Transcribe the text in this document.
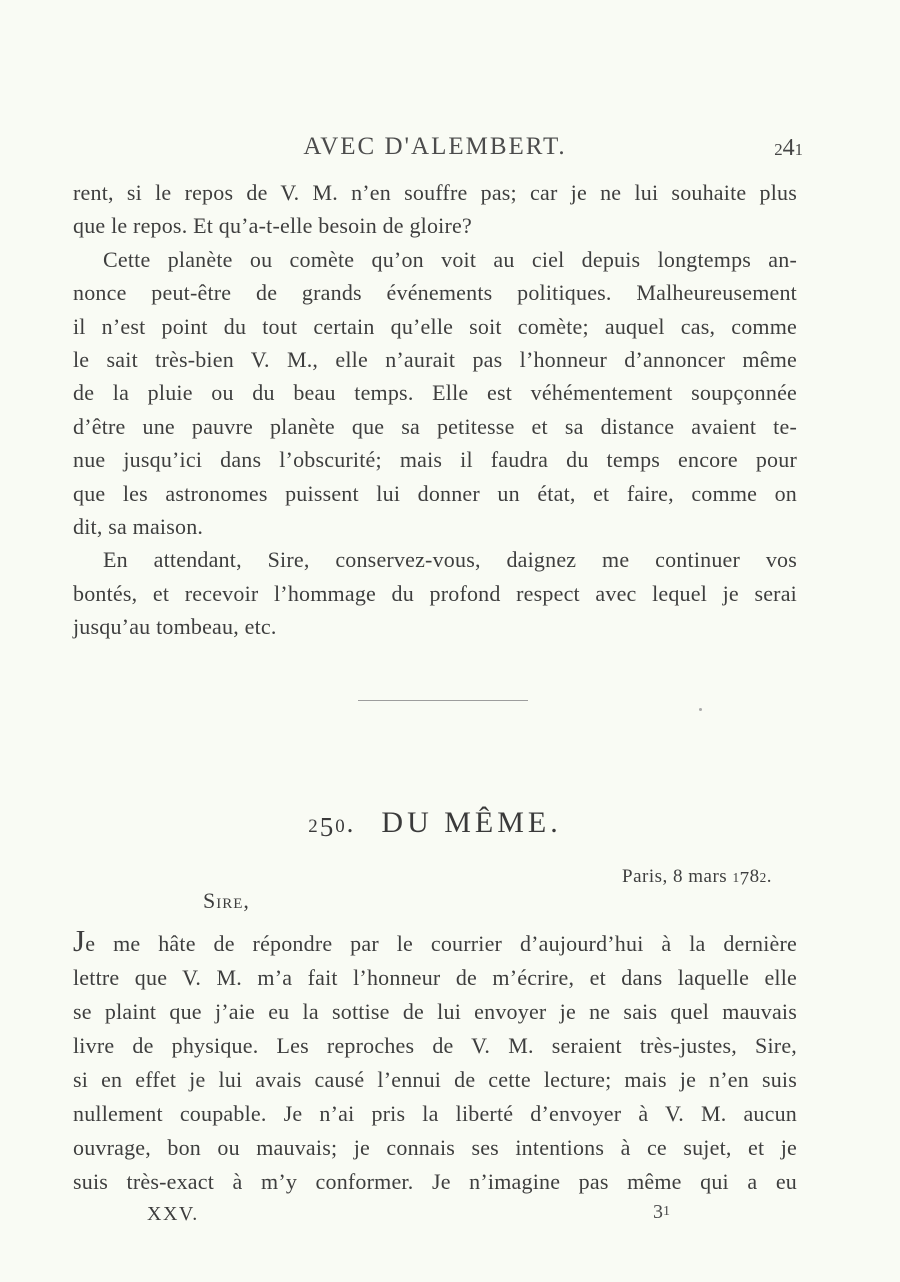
AVEC D'ALEMBERT.	241
rent, si le repos de V. M. n’en souffre pas; car je ne lui souhaite plus
que le repos. Et qu’a-t-elle besoin de gloire?
Cette planète ou comète qu’on voit au ciel depuis longtemps an-
nonce peut-être de grands événements politiques. Malheureusement
il n’est point du tout certain qu’elle soit comète; auquel cas, comme
le sait très-bien V. M., elle n’aurait pas l’honneur d’annoncer même
de la pluie ou du beau temps. Elle est véhémentement soupçonnée
d’être une pauvre planète que sa petitesse et sa distance avaient te-
nue jusqu’ici dans l’obscurité; mais il faudra du temps encore pour
que les astronomes puissent lui donner un état, et faire, comme on
dit, sa maison.
En attendant, Sire, conservez-vous, daignez me continuer vos
bontés, et recevoir l’hommage du profond respect avec lequel je serai
jusqu’au tombeau, etc.
250. DU MÊME.
Paris, 8 mars 1782.
Sire,
Je me hâte de répondre par le courrier d’aujourd’hui à la dernière
lettre que V. M. m’a fait l’honneur de m’écrire, et dans laquelle elle
se plaint que j’aie eu la sottise de lui envoyer je ne sais quel mauvais
livre de physique. Les reproches de V. M. seraient très-justes, Sire,
si en effet je lui avais causé l’ennui de cette lecture; mais je n’en suis
nullement coupable. Je n’ai pris la liberté d’envoyer à V. M. aucun
ouvrage, bon ou mauvais; je connais ses intentions à ce sujet, et je
suis très-exact à m’y conformer. Je n’imagine pas même qui a eu
XXV.	31
